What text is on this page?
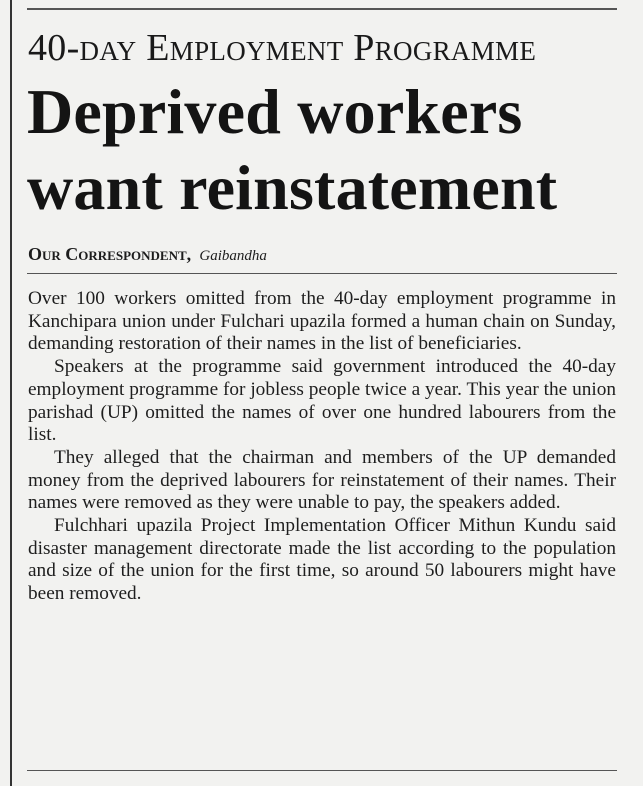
40-day Employment Programme
Deprived workers
want reinstatement
Our Correspondent, Gaibandha

Over 100 workers omitted from the 40-day employment programme in Kanchipara union under Fulchari upazila formed a human chain on Sunday, demanding restoration of their names in the list of beneficiaries.

Speakers at the programme said government introduced the 40-day employment programme for jobless people twice a year. This year the union parishad (UP) omitted the names of over one hundred labourers from the list.

They alleged that the chairman and members of the UP demanded money from the deprived labourers for reinstatement of their names. Their names were removed as they were unable to pay, the speakers added.

Fulchhari upazila Project Implementation Officer Mithun Kundu said disaster management directorate made the list according to the population and size of the union for the first time, so around 50 labourers might have been removed.
